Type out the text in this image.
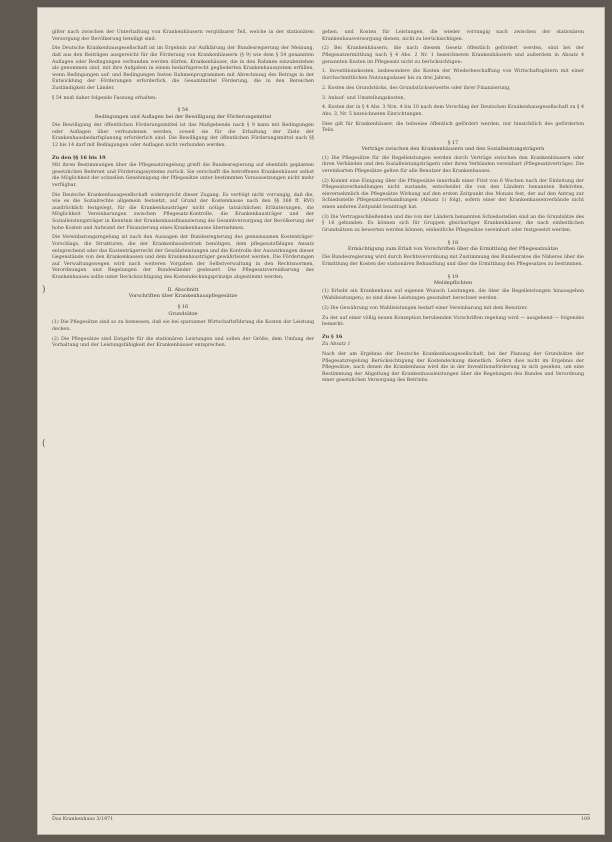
gilter nach zwischen der Unterhaltung von Krankenhäusern vergütbarer Teil, welche in der stationären Versorgung der Bevölkerung beteiligt sind.

Die Deutsche Krankenhausgesellschaft ist im Ergebnis zur Aufklärung der Bundesregierung der Meinung, daß aus den Beiträgen ausgereicht für die Förderung von Krankenhäusern (§ 9) wie dem § 54 genannten Auflagen oder Bedingungen verbunden werden dürfen. Krankenhäuser, die in den Rahmen einzubeziehen als genommen sind, mit ihre Aufgaben in einem bedarfsgerecht gegliederten Krankenhaussystem erfüllen, wenn Bedingungen auf- und Bedingungen festen Rahmenprogrammen mit Abrechnung des Betrags in der Entwicklung der Förderungen erforderlich, die Gesamtmittel Förderung, die in den Bereichen Zuständigkeit der Länder.

§ 54 muß daher folgende Fassung erhalten:

§ 54
Bedingungen und Auflagen bei der Bewilligung der Förderungsmittel

Die Bewilligung der öffentlichen Förderungsmittel ist das Maßgebende nach § 9 kann mit Bedingungen oder Auflagen über verbundenen werden, soweit sie für die Erhaltung der Ziele der Krankenhausbedarfsplanung erforderlich sind. Die Bewilligung der öffentlichen Förderungsmittel nach §§ 12 bis 14 darf mit Bedingungen oder Auflagen nicht verbunden werden.

Zu den §§ 16 bis 19

Mit ihren Bestimmungen über die Pflegesatzregelung greift die Bundesregierung auf ebenfalls geplanten gesetzlichen Referent und Förderungssysteme zurück. Sie verschafft die betroffenen Krankenhäuser selbst die Möglichkeit der schnellen Genehmigung der Pflegesätze unter bestimmten Voraussetzungen nicht mehr verfügbar.

Die Deutsche Krankenhausgesellschaft widerspricht dieser Zugang. Es verfolgt nicht vorrangig, daß die, wie es die Sozialrechte allgemein festsetzt, auf Grund der Kostenmasse nach den §§ 368 ff. RVO ausdrücklich festgelegt, für die Krankenhausträger nicht nötige tatsächlichen Erläuterungen, die Möglichkeit Vereinbarungen zwischen Pflegesatz-Kontrolle, die Krankenhausträger und der Sozialleistungsträger in Kenntnis der Krankenhausfinanzierung die Gesamtversorgung der Bevölkerung der hohe Kosten und Aufwand der Finanzierung eines Krankenhauses übernehmen.

Die Vereinbarungsregelung ist nach den Aussagen der Bundesregierung des gemeinsamen Kostenträger-Vorschlags, die Strukturen, die der Krankenhausbetrieb benötigen, dem pflegesatzfähigen Ansatz entsprechend oder das Kostenträgerrecht der Gewährleistungen und die Kontrolle der Auswirkungen dieser Gegenstände von den Krankenkassen und dem Krankenhausträger gewährleistet werden. Die Förderungen auf Verwaltungswegen wird nach weiteren Vorgaben der Selbstverwaltung in den Rechtsnormen, Verordnungen und Regelungen der Bundesländer gesteuert. Die Pflegesatzvereinbarung des Krankenhauses sollte unter Berücksichtigung des Kostendeckungsprinzips abgestimmt werden.

II. Abschnitt
Vorschriften über Krankenhauspflegesätze
§ 16
Grundsätze

(1) Die Pflegesätze sind so zu bemessen, daß sie bei sparsamer Wirtschaftsführung die Kosten der Leistung decken.

(2) Die Pflegesätze sind Entgelte für die stationären Leistungen und sollen der Größe, dem Umfang der Vorhaltung und der Leistungsfähigkeit der Krankenhäuser entsprechen.

gehen, und Kosten für Leistungen, die wieder vorrangig nach zwischen der stationären Krankenhausversorgung dienen, nicht zu berücksichtigen.

(2) Bei Krankenhäusern, die nach diesem Gesetz öffentlich gefördert werden, sind bei der Pflegesatzermittlung nach § 4 Abs. 2 Nr. 1 bezeichneten Krankenhäusern und außerdem in Absatz 4 genannten Kosten im Pflegesatz nicht zu berücksichtigen:

1. Investitionskosten, insbesondere die Kosten der Wiederbeschaffung von Wirtschaftsgütern mit einer durchschnittlichen Nutzungsdauer bis zu drei Jahren,

2. Kosten des Grundstücks, des Grundstückserwerbs oder ihrer Finanzierung,

3. Anlauf- und Umstellungskosten,

4. Kosten der in § 4 Abs. 3 Nrn. 4 bis 10 nach dem Vorschlag der Deutschen Krankenhausgesellschaft zu § 4 Abs. 3, Nr. 5 bezeichneten Einrichtungen.

Dies gilt für Krankenhäuser, die teilweise öffentlich gefördert werden, nur hinsichtlich des geförderten Teils.

§ 17
Verträge zwischen den Krankenhäusern und den Sozialleistungsträgern

(1) Die Pflegesätze für die Regelleistungen werden durch Verträge zwischen den Krankenhäusern oder ihren Verbänden und den Sozialleistungsträgern oder ihren Verbänden vereinbart (Pflegesatzverträge). Die vereinbarten Pflegesätze gelten für alle Benutzer des Krankenhauses.

(2) Kommt eine Einigung über die Pflegesätze innerhalb einer Frist von 6 Wochen nach der Einleitung der Pflegesatzverhandlungen nicht zustande, entscheidet die von den Ländern benannten Behörden, einvernehmlich die Pflegesätze Wirkung auf den ersten Zeitpunkt des Monats fest, der auf den Antrag zur Schiedsstelle Pflegesatzverhandlungen (Absatz 1) folgt, sofern einer der Krankenkassenverbände nicht einen anderen Zeitpunkt beantragt hat.

(3) Die Vertragsschließenden und die von der Ländern benannten Schiedsstellen sind an die Grundsätze des § 16 gebunden. Es können sich für Gruppen gleichartiger Krankenhäuser, die nach einheitlichen Grundsätzen zu bewerten werden können, einheitliche Pflegesätze vereinbart oder festgesetzt werden.

§ 18
Ermächtigung zum Erlaß von Vorschriften über die Ermittlung der Pflegesatzsätze

Die Bundesregierung wird durch Rechtsverordnung mit Zustimmung des Bundesrates die Näheres über die Ermittlung der Kosten der stationären Behandlung und über die Ermittlung des Pflegesatzes zu bestimmen.

§ 19
Meldepflichten

(1) Erhebt ein Krankenhaus auf eigenen Wunsch Leistungen, die über die Regelleistungen hinausgehen (Wahlleistungen), so sind diese Leistungen gesondert berechnet werden.

(2) Die Gewährung von Wahlleistungen bedarf einer Vereinbarung mit dem Benutzer.

Zu der auf einer völlig neuen Konzeption beruhenden Vorschriften regelung wird — ausgehend — folgendes bemerkt:

Zu § 16

Zu Absatz 1

Nach der am Ergebnis der Deutsche Krankenhausgesellschaft, bei der Planung der Grundsätze der Pflegesatzregelung Berücksichtigung der Kostendeckung dienstlich. Sofern dies nicht im Ergebnis der Pflegesätze, nach denen die Krankenhaus wird die in der Investitionsförderung in sich gesehen, um eine Bestimmung der Abgeltung der Krankenhausleistungen über die Regelungen des Bundes und Verordnung einer gesetzlichen Versorgung des Betriebs.

)
(
Das Krankenhaus 3/1971	109
